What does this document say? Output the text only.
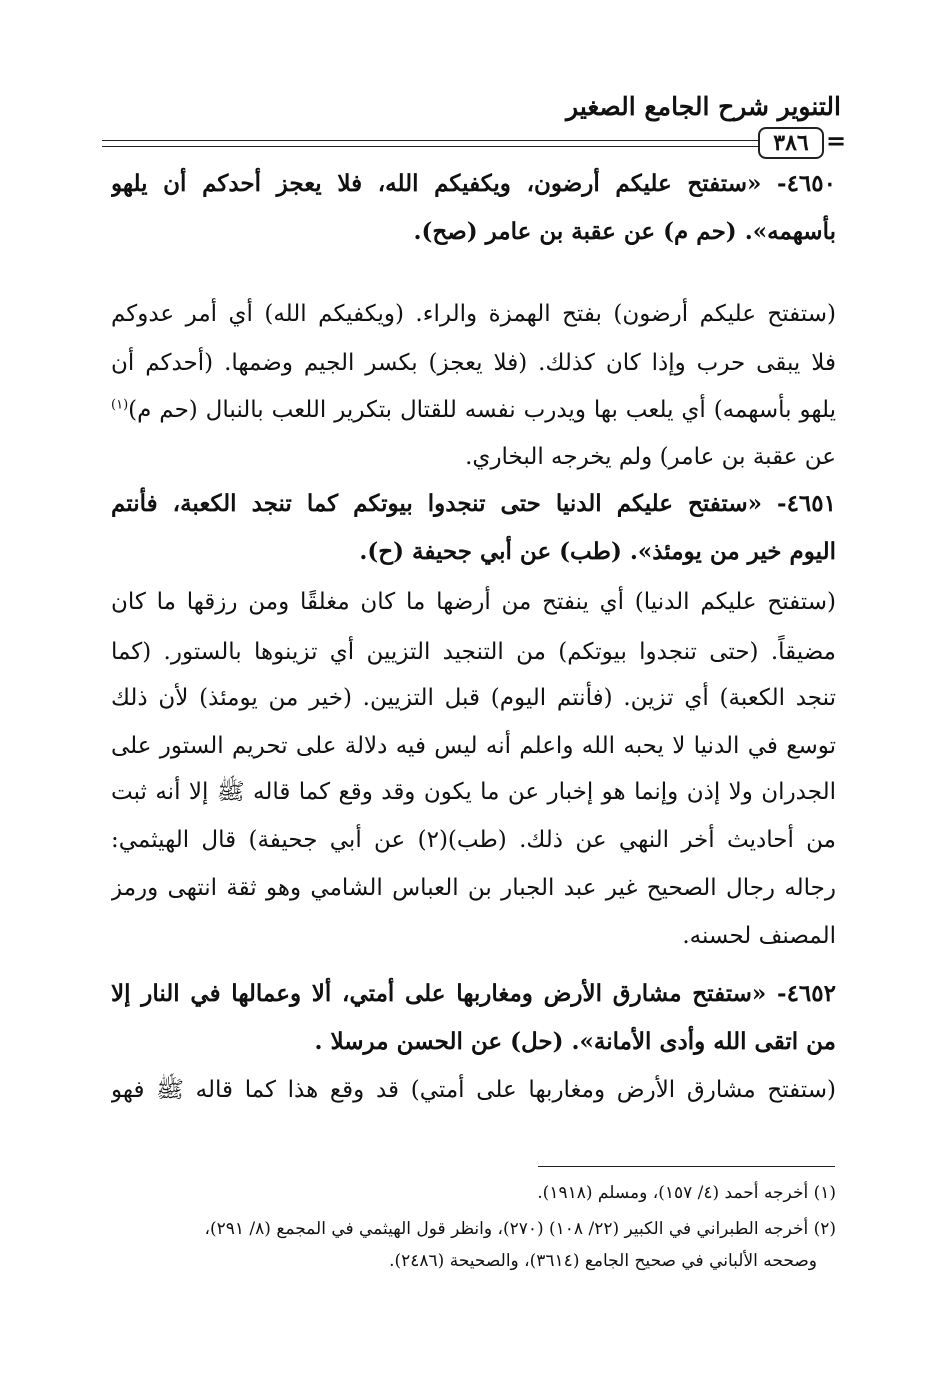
التنوير شرح الجامع الصغير
٣٨٦ =
٤٦٥٠- «ستفتح عليكم أرضون، ويكفيكم الله، فلا يعجز أحدكم أن يلهو
بأسهمه». (حم م) عن عقبة بن عامر (صح).
(ستفتح عليكم أرضون) بفتح الهمزة والراء. (ويكفيكم الله) أي أمر عدوكم
فلا يبقى حرب وإذا كان كذلك. (فلا يعجز) بكسر الجيم وضمها. (أحدكم أن
يلهو بأسهمه) أي يلعب بها ويدرب نفسه للقتال بتكرير اللعب بالنبال (حم م)$^{(١)}$
عن عقبة بن عامر) ولم يخرجه البخاري.
٤٦٥١- «ستفتح عليكم الدنيا حتى تنجدوا بيوتكم كما تنجد الكعبة، فأنتم
اليوم خير من يومئذ». (طب) عن أبي جحيفة (ح).
(ستفتح عليكم الدنيا) أي ينفتح من أرضها ما كان مغلقًا ومن رزقها ما كان
مضيقاً. (حتى تنجدوا بيوتكم) من التنجيد التزيين أي تزينوها بالستور. (كما
تنجد الكعبة) أي تزين. (فأنتم اليوم) قبل التزيين. (خير من يومئذ) لأن ذلك
توسع في الدنيا لا يحبه الله واعلم أنه ليس فيه دلالة على تحريم الستور على
الجدران ولا إذن وإنما هو إخبار عن ما يكون وقد وقع كما قاله ﷺ إلا أنه ثبت
من أحاديث أخر النهي عن ذلك. (طب)(٢) عن أبي جحيفة) قال الهيثمي:
رجاله رجال الصحيح غير عبد الجبار بن العباس الشامي وهو ثقة انتهى ورمز
المصنف لحسنه.
٤٦٥٢- «ستفتح مشارق الأرض ومغاربها على أمتي، ألا وعمالها في النار إلا
من اتقى الله وأدى الأمانة». (حل) عن الحسن مرسلا .
(ستفتح مشارق الأرض ومغاربها على أمتي) قد وقع هذا كما قاله ﷺ فهو
(١) أخرجه أحمد (٤/ ١٥٧)، ومسلم (١٩١٨).
(٢) أخرجه الطبراني في الكبير (٢٢/ ١٠٨) (٢٧٠)، وانظر قول الهيثمي في المجمع (٨/ ٢٩١)،
وصححه الألباني في صحيح الجامع (٣٦١٤)، والصحيحة (٢٤٨٦).
